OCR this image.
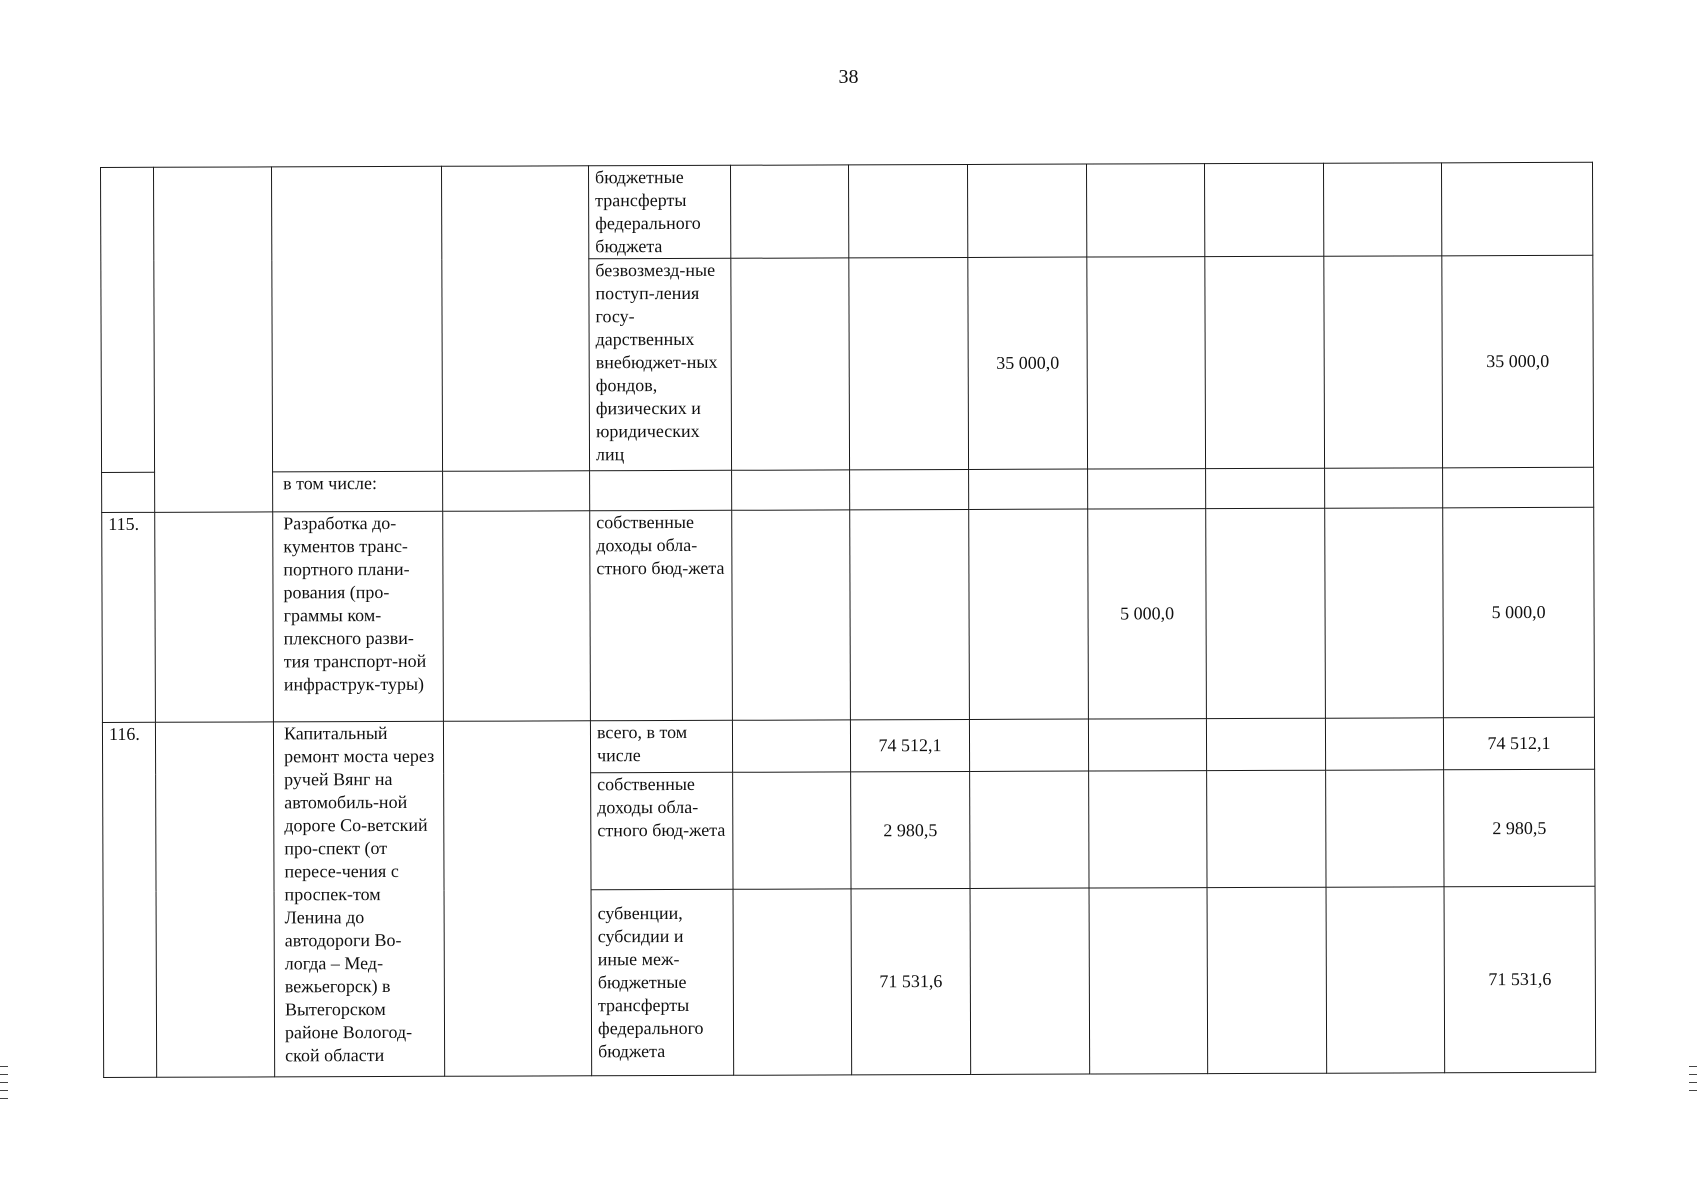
38
				бюджетные трансферты федерального бюджета							
				безвозмезд-ные поступ-ления госу-дарственных внебюджет-ных фондов, физических и юридических лиц			35 000,0				35 000,0
		в том числе:									
115.		Разработка до-кументов транс-портного плани-рования (про-граммы ком-плексного разви-тия транспорт-ной инфраструк-туры)		собственные доходы обла-стного бюд-жета				5 000,0			5 000,0
116.		Капитальный ремонт моста через ручей Вянг на автомобиль-ной дороге Со-ветский про-спект (от пересе-чения с проспек-том Ленина до автодороги Во-логда – Мед-вежьегорск) в Вытегорском районе Вологод-ской области		всего, в том числе		74 512,1					74 512,1
				собственные доходы обла-стного бюд-жета		2 980,5					2 980,5
				субвенции, субсидии и иные меж-бюджетные трансферты федерального бюджета		71 531,6					71 531,6
